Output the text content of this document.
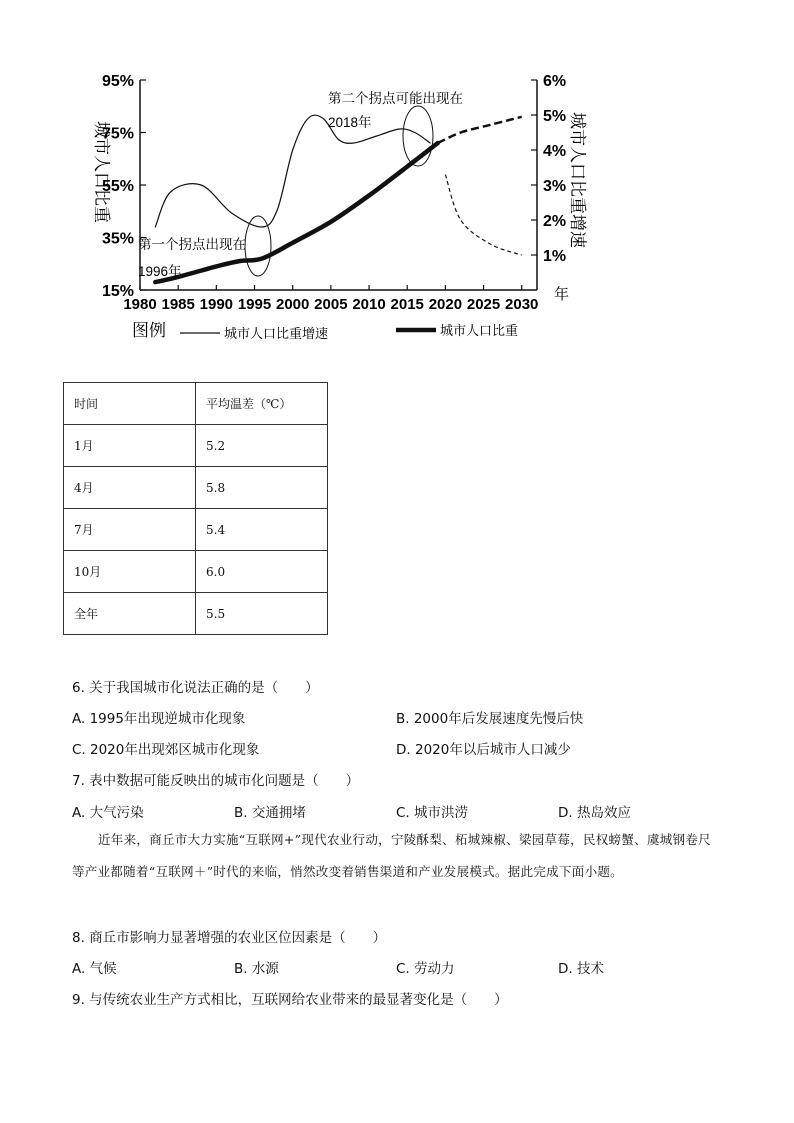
95%
75%
55%
35%
15%
6%
5%
4%
3%
2%
1%
1980 1985 1990 1995 2000 2005 2010 2015 2020 2025 2030
年
城市人口比重	城市人口比重增速
第二个拐点可能出现在
2018年
第一个拐点出现在
1996年
图例	城市人口比重增速	城市人口比重
时间	平均温差（℃）
1月	5.2
4月	5.8
7月	5.4
10月	6.0
全年	5.5
6. 关于我国城市化说法正确的是（　　）
A. 1995年出现逆城市化现象	B. 2000年后发展速度先慢后快
C. 2020年出现郊区城市化现象	D. 2020年以后城市人口减少
7. 表中数据可能反映出的城市化问题是（　　）
A. 大气污染	B. 交通拥堵	C. 城市洪涝	D. 热岛效应
近年来，商丘市大力实施“互联网+”现代农业行动，宁陵酥梨、柘城辣椒、梁园草莓，民权螃蟹、虞城钢卷尺等产业都随着“互联网＋”时代的来临，悄然改变着销售渠道和产业发展模式。据此完成下面小题。
8. 商丘市影响力显著增强的农业区位因素是（　　）
A. 气候	B. 水源	C. 劳动力	D. 技术
9. 与传统农业生产方式相比，互联网给农业带来的最显著变化是（　　）
